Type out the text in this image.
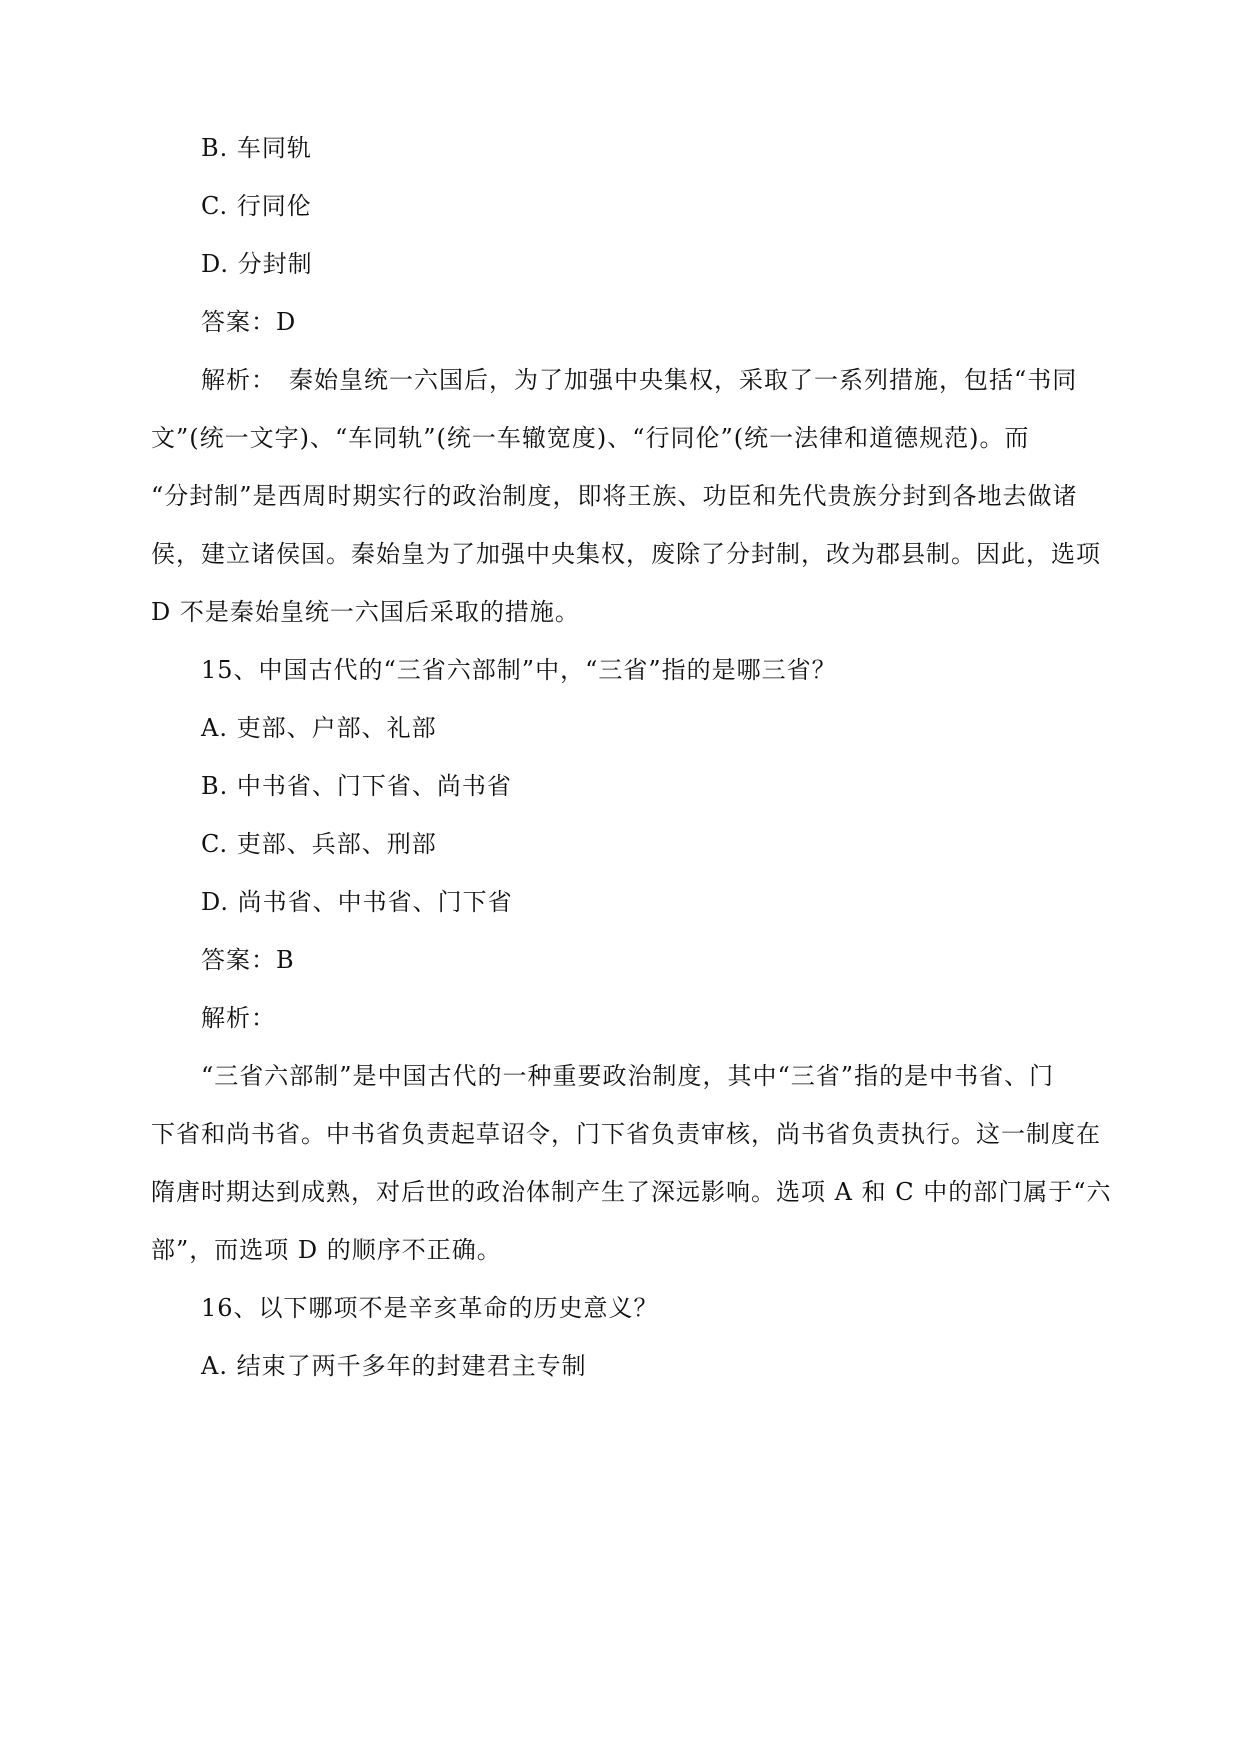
B. 车同轨
C. 行同伦
D. 分封制
答案：D
解析：　秦始皇统一六国后，为了加强中央集权，采取了一系列措施，包括“书同
文”(统一文字)、“车同轨”(统一车辙宽度)、“行同伦”(统一法律和道德规范)。而
“分封制”是西周时期实行的政治制度，即将王族、功臣和先代贵族分封到各地去做诸
侯，建立诸侯国。秦始皇为了加强中央集权，废除了分封制，改为郡县制。因此，选项
D 不是秦始皇统一六国后采取的措施。
15、中国古代的“三省六部制”中，“三省”指的是哪三省？
A. 吏部、户部、礼部
B. 中书省、门下省、尚书省
C. 吏部、兵部、刑部
D. 尚书省、中书省、门下省
答案：B
解析：
“三省六部制”是中国古代的一种重要政治制度，其中“三省”指的是中书省、门
下省和尚书省。中书省负责起草诏令，门下省负责审核，尚书省负责执行。这一制度在
隋唐时期达到成熟，对后世的政治体制产生了深远影响。选项 A 和 C 中的部门属于“六
部”，而选项 D 的顺序不正确。
16、以下哪项不是辛亥革命的历史意义？
A. 结束了两千多年的封建君主专制
